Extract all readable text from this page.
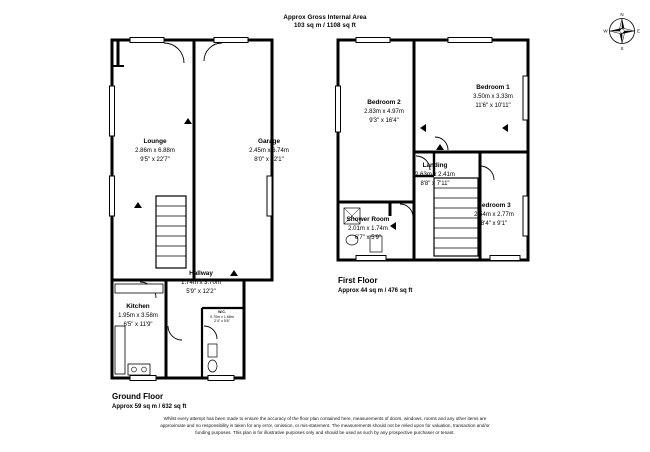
Approx Gross Internal Area
103 sq m / 1108 sq ft
N
S
E
W
Lounge
2.86m x 6.88m
9'5" x 22'7"
Garage
2.45m x 6.74m
8'0" x 22'1"
Hallway
1.74m x 3.70m
5'9" x 12'2"
Kitchen
1.95m x 3.58m
6'5" x 11'9"
W.C.
0.70m x 1.68m
2'4" x 5'6"
Ground Floor
Approx 59 sq m / 632 sq ft
Bedroom 2
2.83m x 4.97m
9'3" x 16'4"
Bedroom 1
3.50m x 3.33m
11'6" x 10'11"
Landing
2.63m x 2.41m
8'8" x 7'11"
Bedroom 3
2.54m x 2.77m
8'4" x 9'1"
Shower Room
2.01m x 1.74m
6'7" x 5'9"
First Floor
Approx 44 sq m / 476 sq ft
Whilst every attempt has been made to ensure the accuracy of the floor plan contained here, measurements of doors, windows, rooms and any other items are approximate and no responsibility is taken for any error, omission, or mis-statement. The measurements should not be relied upon for valuation, transaction and/or funding purposes. This plan is for illustrative purposes only and should be used as such by any prospective purchaser or tenant.
